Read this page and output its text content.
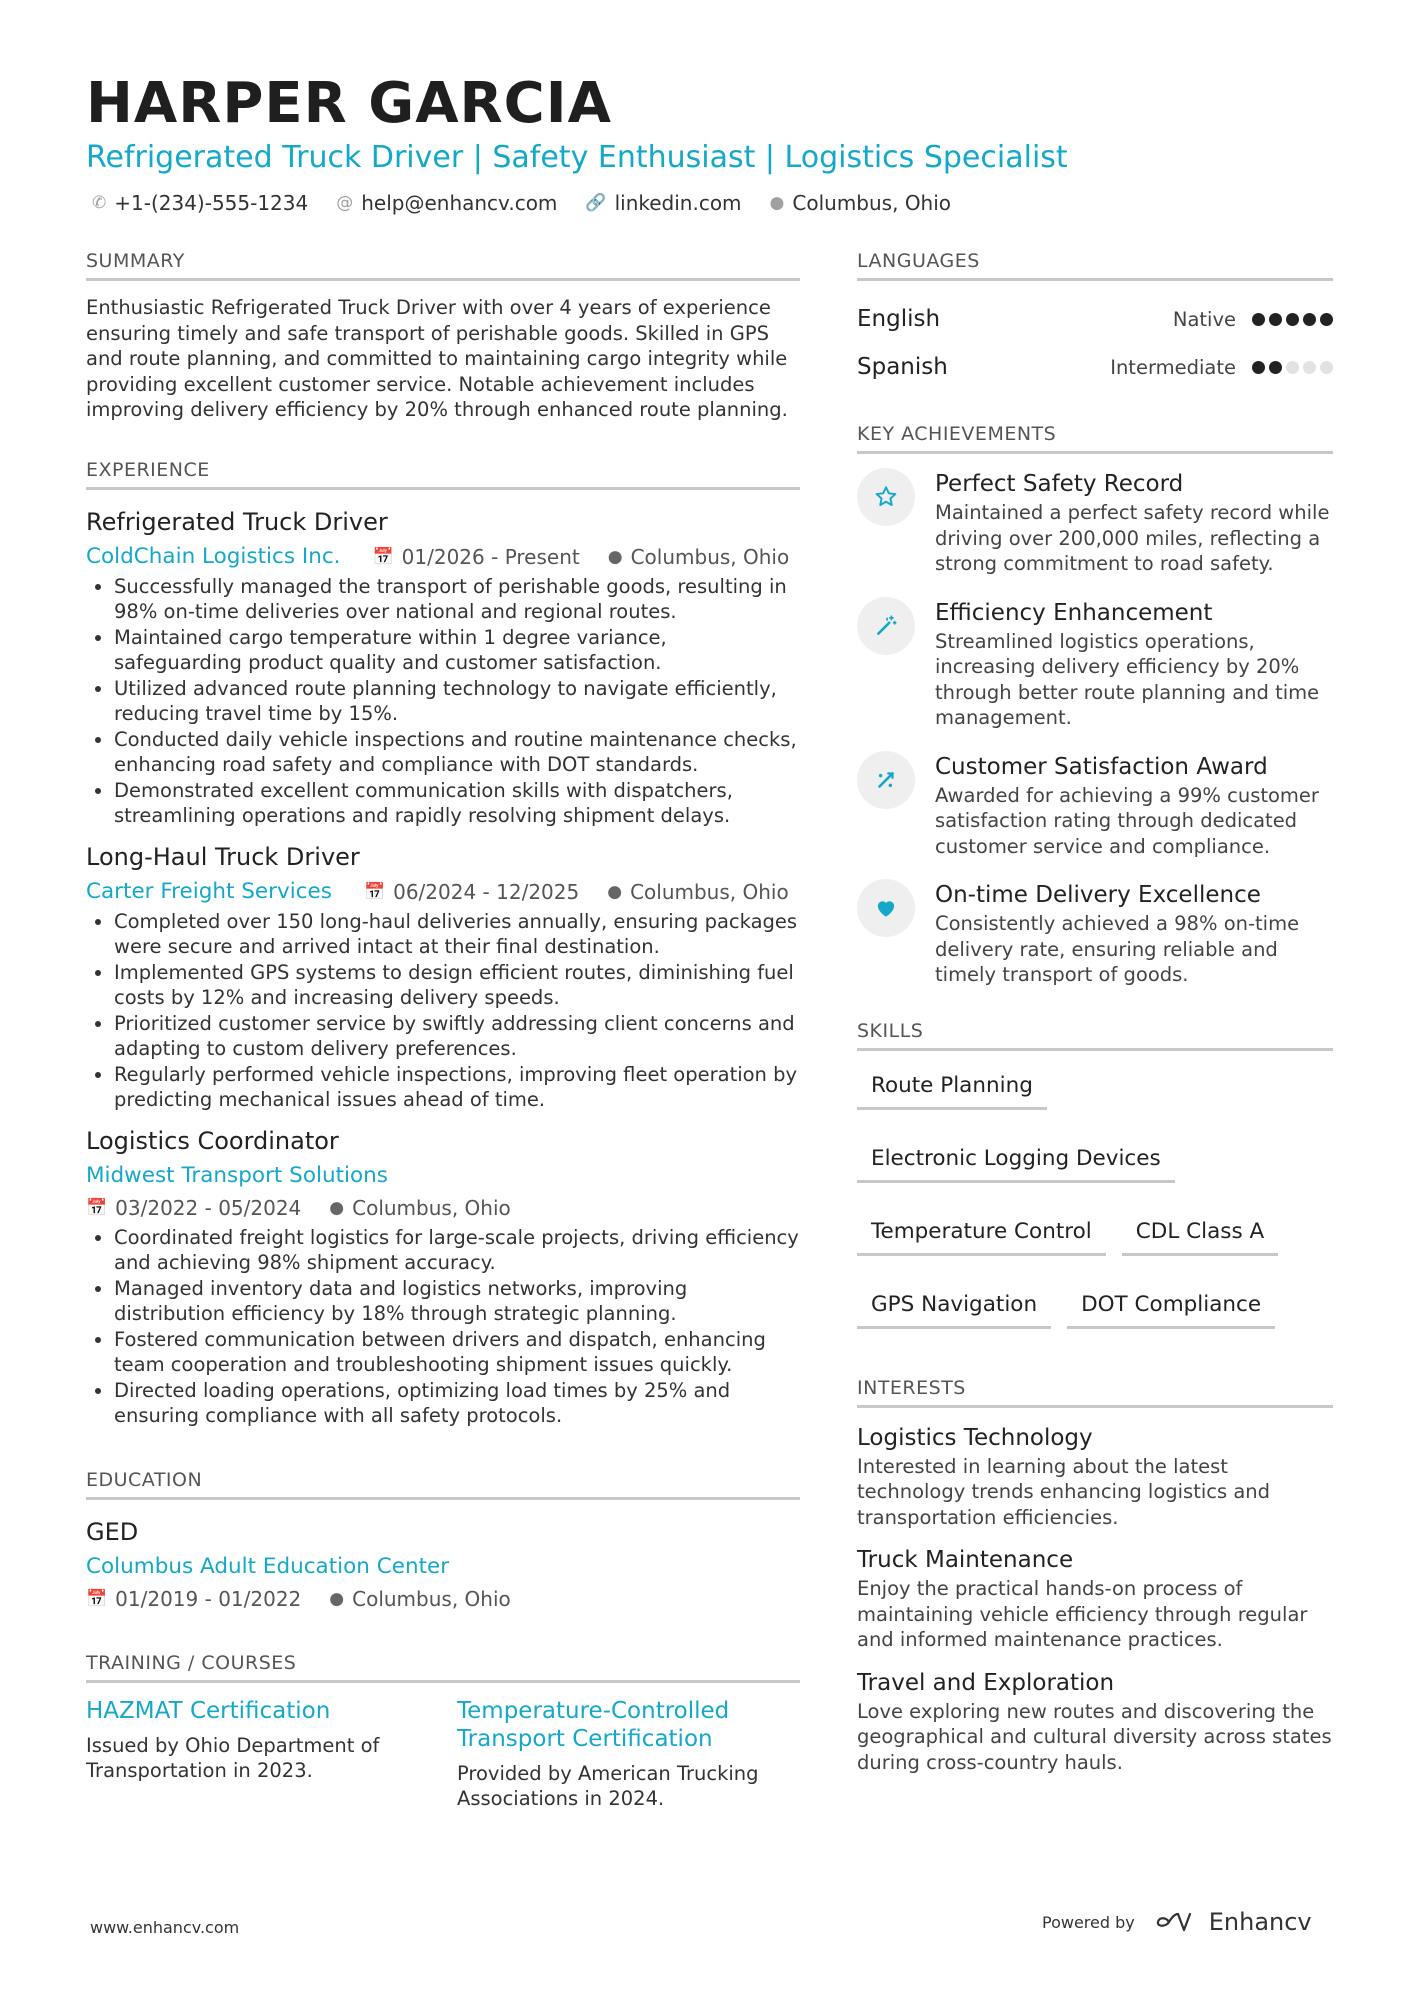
HARPER GARCIA
Refrigerated Truck Driver | Safety Enthusiast | Logistics Specialist
✆ +1-(234)-555-1234 @ help@enhancv.com 🔗 linkedin.com ● Columbus, Ohio
SUMMARY
Enthusiastic Refrigerated Truck Driver with over 4 years of experience ensuring timely and safe transport of perishable goods. Skilled in GPS and route planning, and committed to maintaining cargo integrity while providing excellent customer service. Notable achievement includes improving delivery efficiency by 20% through enhanced route planning.
EXPERIENCE
Refrigerated Truck Driver
ColdChain Logistics Inc. 📅 01/2026 - Present ● Columbus, Ohio
• Successfully managed the transport of perishable goods, resulting in 98% on-time deliveries over national and regional routes.
• Maintained cargo temperature within 1 degree variance, safeguarding product quality and customer satisfaction.
• Utilized advanced route planning technology to navigate efficiently, reducing travel time by 15%.
• Conducted daily vehicle inspections and routine maintenance checks, enhancing road safety and compliance with DOT standards.
• Demonstrated excellent communication skills with dispatchers, streamlining operations and rapidly resolving shipment delays.
Long-Haul Truck Driver
Carter Freight Services 📅 06/2024 - 12/2025 ● Columbus, Ohio
• Completed over 150 long-haul deliveries annually, ensuring packages were secure and arrived intact at their final destination.
• Implemented GPS systems to design efficient routes, diminishing fuel costs by 12% and increasing delivery speeds.
• Prioritized customer service by swiftly addressing client concerns and adapting to custom delivery preferences.
• Regularly performed vehicle inspections, improving fleet operation by predicting mechanical issues ahead of time.
Logistics Coordinator
Midwest Transport Solutions
📅 03/2022 - 05/2024 ● Columbus, Ohio
• Coordinated freight logistics for large-scale projects, driving efficiency and achieving 98% shipment accuracy.
• Managed inventory data and logistics networks, improving distribution efficiency by 18% through strategic planning.
• Fostered communication between drivers and dispatch, enhancing team cooperation and troubleshooting shipment issues quickly.
• Directed loading operations, optimizing load times by 25% and ensuring compliance with all safety protocols.
EDUCATION
GED
Columbus Adult Education Center
📅 01/2019 - 01/2022 ● Columbus, Ohio
TRAINING / COURSES
HAZMAT Certification
Issued by Ohio Department of Transportation in 2023.
Temperature-Controlled Transport Certification
Provided by American Trucking Associations in 2024.
LANGUAGES
English	Native
Spanish	Intermediate
KEY ACHIEVEMENTS
Perfect Safety Record
Maintained a perfect safety record while driving over 200,000 miles, reflecting a strong commitment to road safety.
Efficiency Enhancement
Streamlined logistics operations, increasing delivery efficiency by 20% through better route planning and time management.
Customer Satisfaction Award
Awarded for achieving a 99% customer satisfaction rating through dedicated customer service and compliance.
On-time Delivery Excellence
Consistently achieved a 98% on-time delivery rate, ensuring reliable and timely transport of goods.
SKILLS
Route Planning
Electronic Logging Devices
Temperature Control	CDL Class A
GPS Navigation	DOT Compliance
INTERESTS
Logistics Technology
Interested in learning about the latest technology trends enhancing logistics and transportation efficiencies.
Truck Maintenance
Enjoy the practical hands-on process of maintaining vehicle efficiency through regular and informed maintenance practices.
Travel and Exploration
Love exploring new routes and discovering the geographical and cultural diversity across states during cross-country hauls.
www.enhancv.com	Powered by	Enhancv
